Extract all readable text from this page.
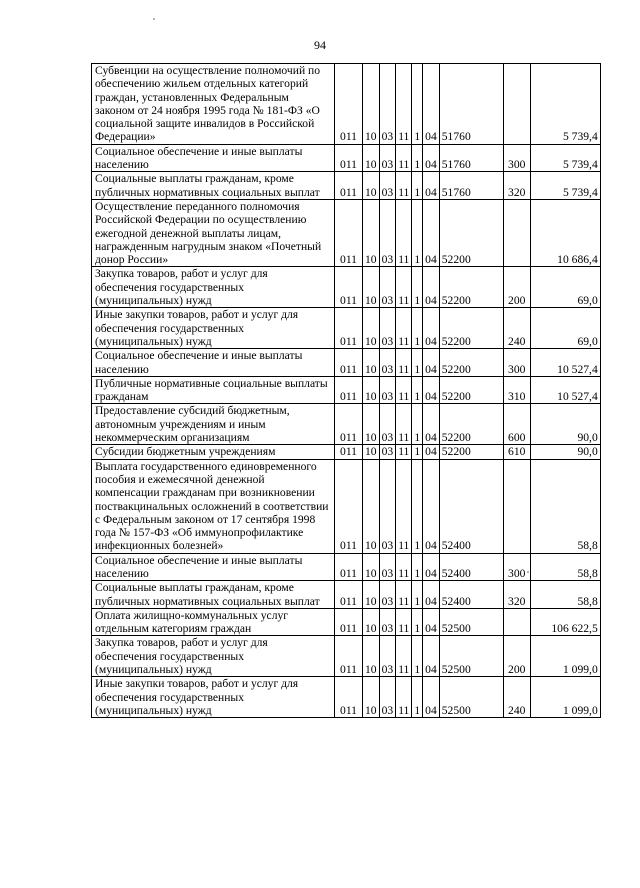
94
Субвенции на осуществление полномочий по обеспечению жильем отдельных категорий граждан, установленных Федеральным законом от 24 ноября 1995 года № 181-ФЗ «О социальной защите инвалидов в Российской Федерации»	011	10	03	11	1	04	51760		5 739,4
Социальное обеспечение и иные выплаты населению	011	10	03	11	1	04	51760	300	5 739,4
Социальные выплаты гражданам, кроме публичных нормативных социальных выплат	011	10	03	11	1	04	51760	320	5 739,4
Осуществление переданного полномочия Российской Федерации по осуществлению ежегодной денежной выплаты лицам, награжденным нагрудным знаком «Почетный донор России»	011	10	03	11	1	04	52200		10 686,4
Закупка товаров, работ и услуг для обеспечения государственных (муниципальных) нужд	011	10	03	11	1	04	52200	200	69,0
Иные закупки товаров, работ и услуг для обеспечения государственных (муниципальных) нужд	011	10	03	11	1	04	52200	240	69,0
Социальное обеспечение и иные выплаты населению	011	10	03	11	1	04	52200	300	10 527,4
Публичные нормативные социальные выплаты гражданам	011	10	03	11	1	04	52200	310	10 527,4
Предоставление субсидий бюджетным, автономным учреждениям и иным некоммерческим организациям	011	10	03	11	1	04	52200	600	90,0
Субсидии бюджетным учреждениям	011	10	03	11	1	04	52200	610	90,0
Выплата государственного единовременного пособия и ежемесячной денежной компенсации гражданам при возникновении поствакцинальных осложнений в соответствии с Федеральным законом от 17 сентября 1998 года № 157-ФЗ «Об иммунопрофилактике инфекционных болезней»	011	10	03	11	1	04	52400		58,8
Социальное обеспечение и иные выплаты населению	011	10	03	11	1	04	52400	300	58,8
Социальные выплаты гражданам, кроме публичных нормативных социальных выплат	011	10	03	11	1	04	52400	320	58,8
Оплата жилищно-коммунальных услуг отдельным категориям граждан	011	10	03	11	1	04	52500		106 622,5
Закупка товаров, работ и услуг для обеспечения государственных (муниципальных) нужд	011	10	03	11	1	04	52500	200	1 099,0
Иные закупки товаров, работ и услуг для обеспечения государственных (муниципальных) нужд	011	10	03	11	1	04	52500	240	1 099,0
